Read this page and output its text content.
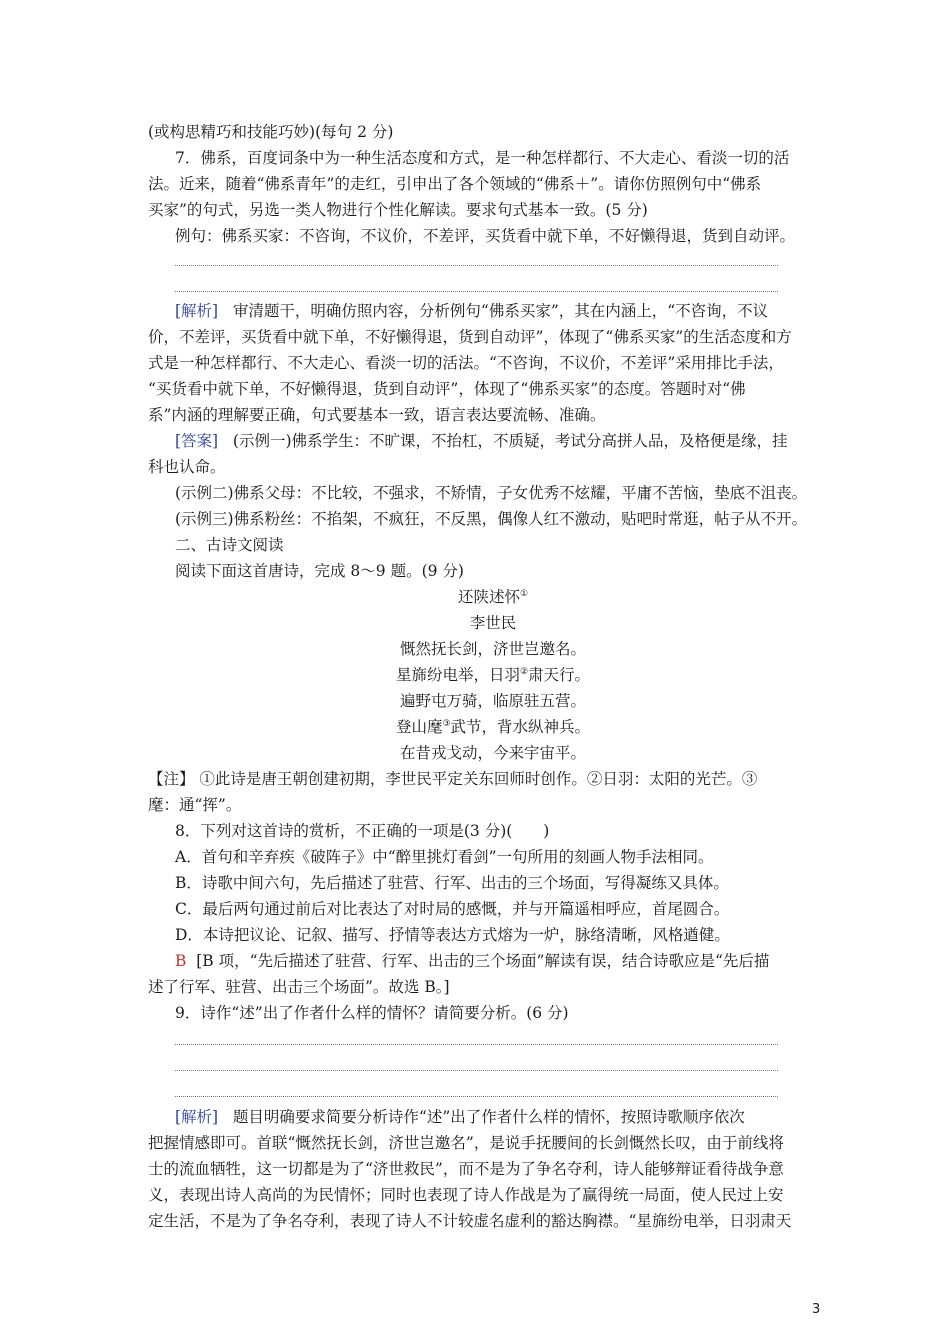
(或构思精巧和技能巧妙)(每句 2 分)
7．佛系，百度词条中为一种生活态度和方式，是一种怎样都行、不大走心、看淡一切的活
法。近来，随着“佛系青年”的走红，引申出了各个领域的“佛系＋”。请你仿照例句中“佛系
买家”的句式，另选一类人物进行个性化解读。要求句式基本一致。(5 分)
例句：佛系买家：不咨询，不议价，不差评，买货看中就下单，不好懒得退，货到自动评。
[解析] 审清题干，明确仿照内容，分析例句“佛系买家”，其在内涵上，“不咨询，不议
价，不差评，买货看中就下单，不好懒得退，货到自动评”，体现了“佛系买家”的生活态度和方
式是一种怎样都行、不大走心、看淡一切的活法。“不咨询，不议价，不差评”采用排比手法，
“买货看中就下单，不好懒得退，货到自动评”，体现了“佛系买家”的态度。答题时对“佛
系”内涵的理解要正确，句式要基本一致，语言表达要流畅、准确。
[答案] (示例一)佛系学生：不旷课，不抬杠，不质疑，考试分高拼人品，及格便是缘，挂
科也认命。
(示例二)佛系父母：不比较，不强求，不矫情，子女优秀不炫耀，平庸不苦恼，垫底不沮丧。
(示例三)佛系粉丝：不掐架，不疯狂，不反黑，偶像人红不激动，贴吧时常逛，帖子从不开。
二、古诗文阅读
阅读下面这首唐诗，完成 8～9 题。(9 分)
还陕述怀①
李世民
慨然抚长剑，济世岂邀名。
星旆纷电举，日羽②肃天行。
遍野屯万骑，临原驻五营。
登山麾③武节，背水纵神兵。
在昔戎戈动，今来宇宙平。
【注】 ①此诗是唐王朝创建初期，李世民平定关东回师时创作。②日羽：太阳的光芒。③
麾：通“挥”。
8．下列对这首诗的赏析，不正确的一项是(3 分)(　　)
A．首句和辛弃疾《破阵子》中“醉里挑灯看剑”一句所用的刻画人物手法相同。
B．诗歌中间六句，先后描述了驻营、行军、出击的三个场面，写得凝练又具体。
C．最后两句通过前后对比表达了对时局的感慨，并与开篇遥相呼应，首尾圆合。
D．本诗把议论、记叙、描写、抒情等表达方式熔为一炉，脉络清晰，风格遒健。
B [B 项，“先后描述了驻营、行军、出击的三个场面”解读有误，结合诗歌应是“先后描
述了行军、驻营、出击三个场面”。故选 B。]
9．诗作“述”出了作者什么样的情怀？请简要分析。(6 分)
[解析] 题目明确要求简要分析诗作“述”出了作者什么样的情怀，按照诗歌顺序依次
把握情感即可。首联“慨然抚长剑，济世岂邀名”，是说手抚腰间的长剑慨然长叹，由于前线将
士的流血牺牲，这一切都是为了“济世救民”，而不是为了争名夺利，诗人能够辩证看待战争意
义，表现出诗人高尚的为民情怀；同时也表现了诗人作战是为了赢得统一局面，使人民过上安
定生活，不是为了争名夺利，表现了诗人不计较虚名虚利的豁达胸襟。“星旆纷电举，日羽肃天
3
